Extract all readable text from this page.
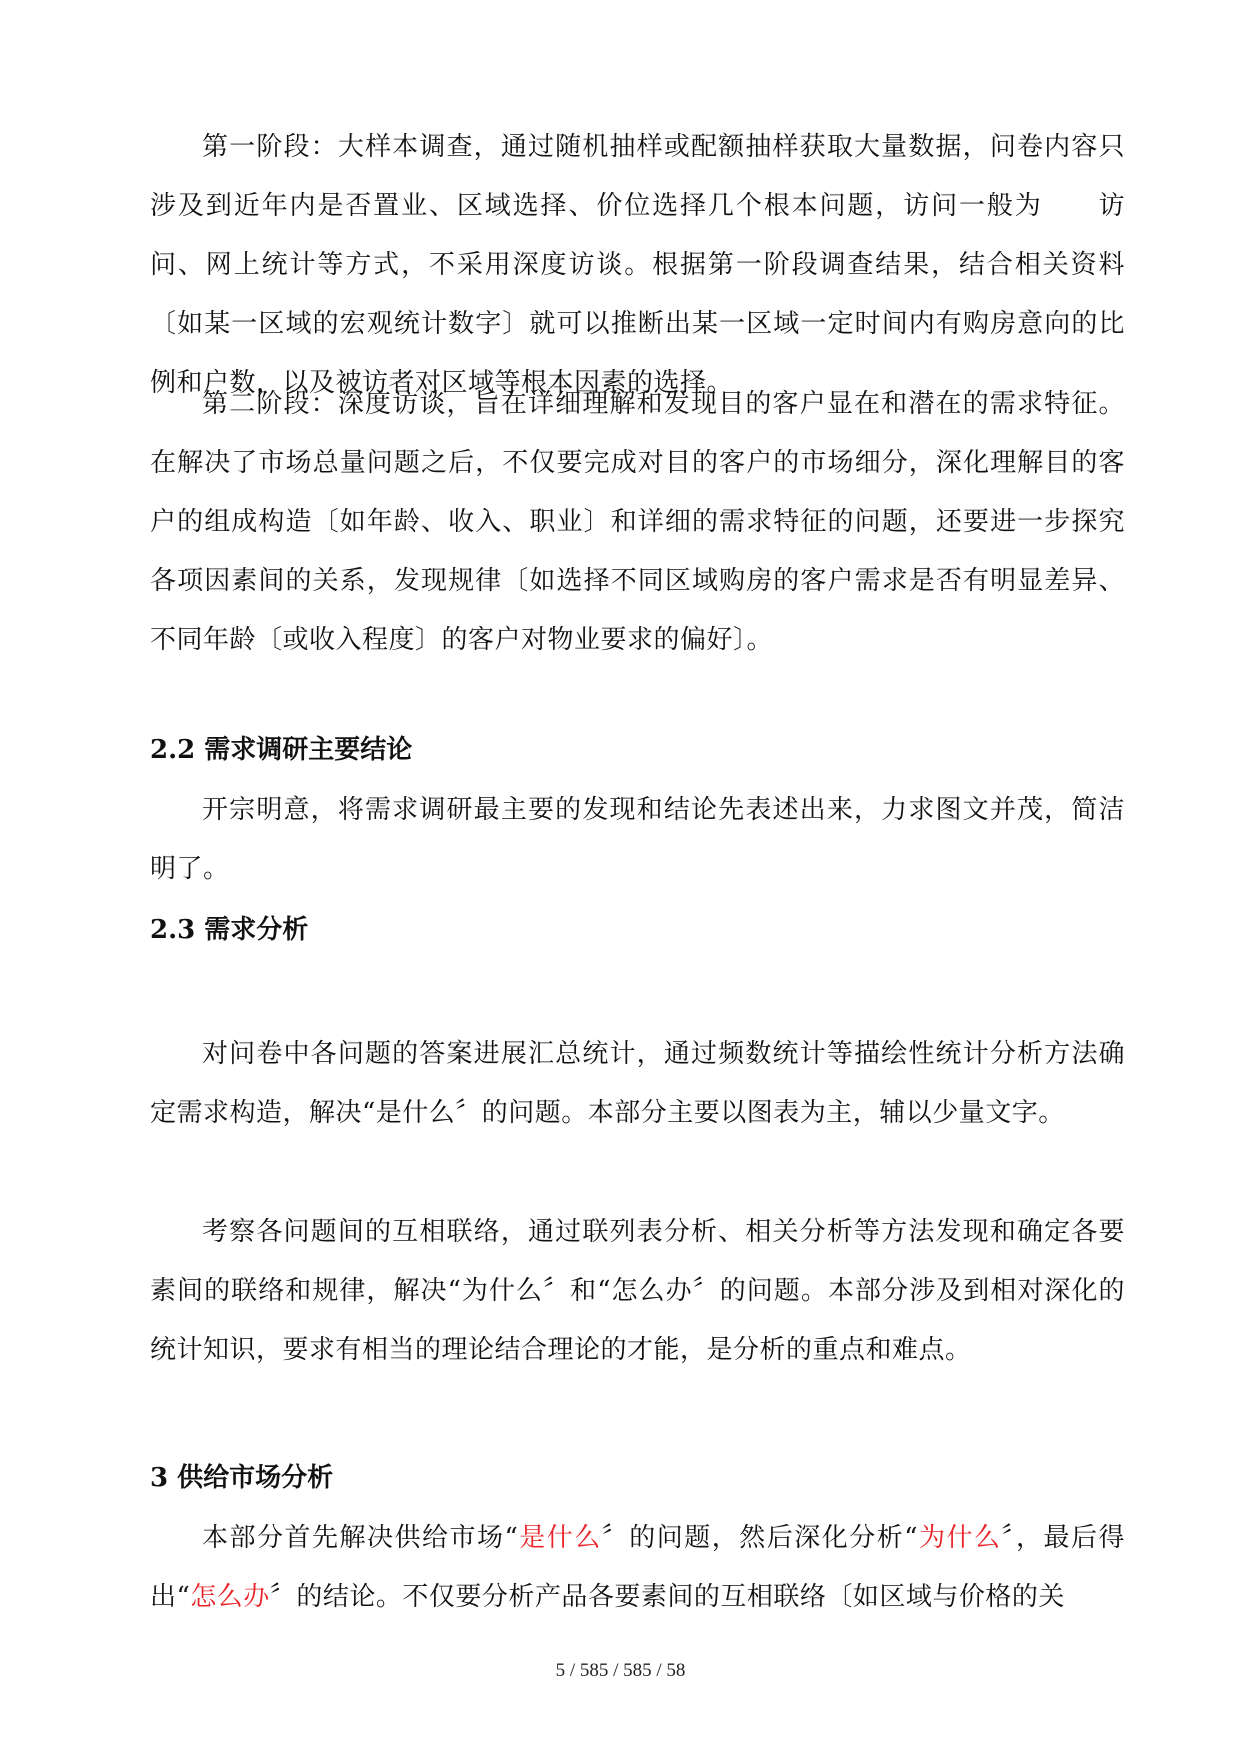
第一阶段：大样本调查，通过随机抽样或配额抽样获取大量数据，问卷内容只涉及到近年内是否置业、区域选择、价位选择几个根本问题，访问一般为　　访问、网上统计等方式，不采用深度访谈。根据第一阶段调查结果，结合相关资料〔如某一区域的宏观统计数字〕就可以推断出某一区域一定时间内有购房意向的比例和户数，以及被访者对区域等根本因素的选择。

第二阶段：深度访谈，旨在详细理解和发现目的客户显在和潜在的需求特征。在解决了市场总量问题之后，不仅要完成对目的客户的市场细分，深化理解目的客户的组成构造〔如年龄、收入、职业〕和详细的需求特征的问题，还要进一步探究各项因素间的关系，发现规律〔如选择不同区域购房的客户需求是否有明显差异、不同年龄〔或收入程度〕的客户对物业要求的偏好〕。

2.2 需求调研主要结论

开宗明意，将需求调研最主要的发现和结论先表述出来，力求图文并茂，简洁明了。

2.3 需求分析

对问卷中各问题的答案进展汇总统计，通过频数统计等描绘性统计分析方法确定需求构造，解决“是什么〞的问题。本部分主要以图表为主，辅以少量文字。

考察各问题间的互相联络，通过联列表分析、相关分析等方法发现和确定各要素间的联络和规律，解决“为什么〞和“怎么办〞的问题。本部分涉及到相对深化的统计知识，要求有相当的理论结合理论的才能，是分析的重点和难点。

3 供给市场分析

本部分首先解决供给市场“是什么〞的问题，然后深化分析“为什么〞，最后得出“怎么办〞的结论。不仅要分析产品各要素间的互相联络〔如区域与价格的关

5 / 585 / 585 / 58
